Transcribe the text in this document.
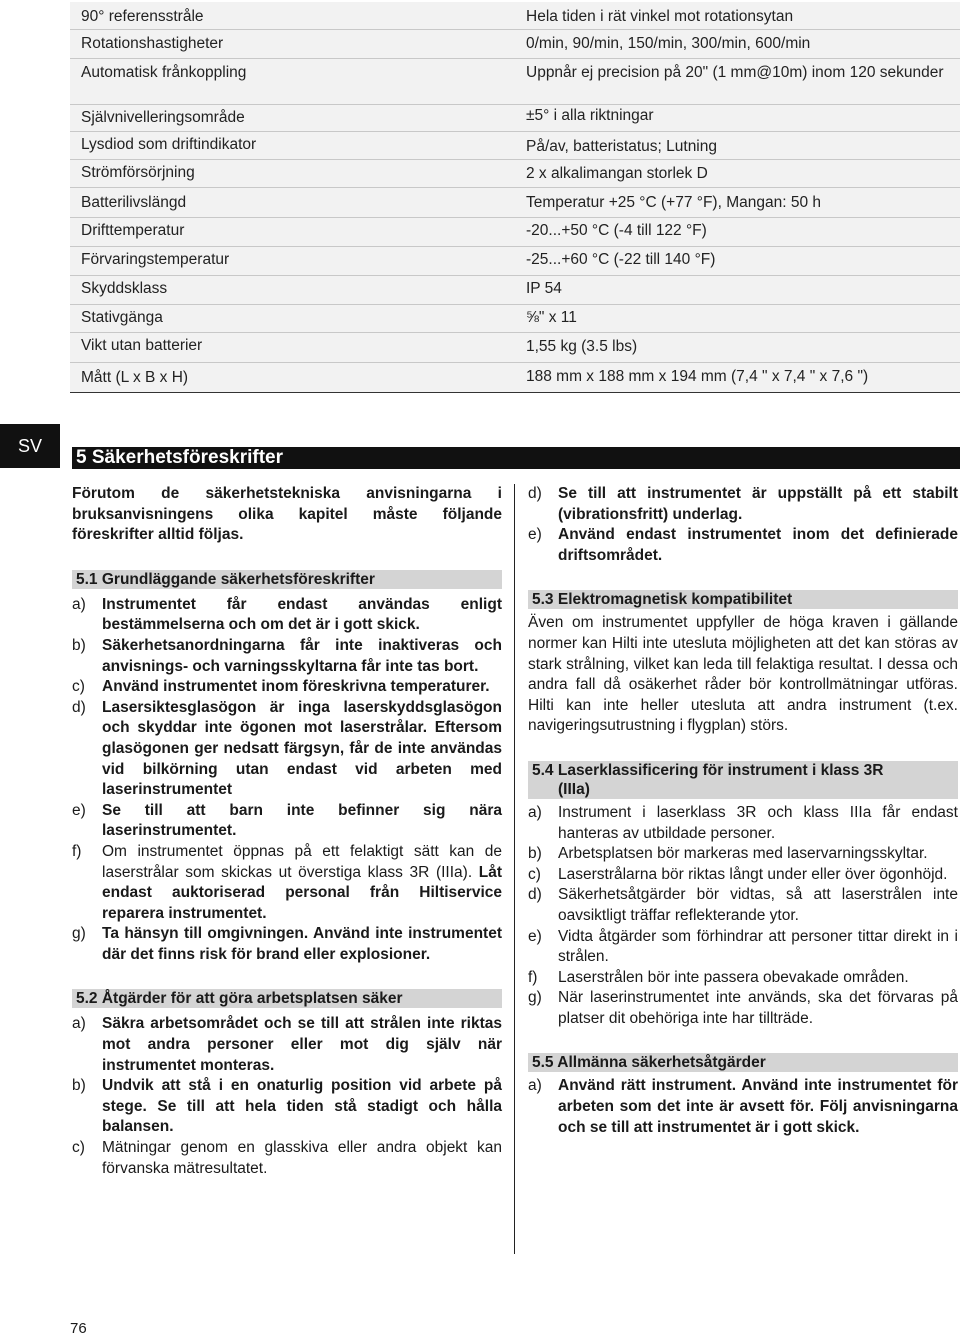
90° referensstråle	Hela tiden i rät vinkel mot rotationsytan
Rotationshastigheter	0/min, 90/min, 150/min, 300/min, 600/min
Automatisk frånkoppling	Uppnår ej precision på 20" (1 mm@10m) inom 120 sekunder
Självnivelleringsområde	±5° i alla riktningar
Lysdiod som driftindikator	På/av, batteristatus; Lutning
Strömförsörjning	2 x alkalimangan storlek D
Batterilivslängd	Temperatur +25 °C (+77 °F), Mangan: 50 h
Drifttemperatur	-20...+50 °C (-4 till 122 °F)
Förvaringstemperatur	-25...+60 °C (-22 till 140 °F)
Skyddsklass	IP 54
Stativgänga	⅝" x 11
Vikt utan batterier	1,55 kg (3.5 lbs)
Mått (L x B x H)	188 mm x 188 mm x 194 mm (7,4 " x 7,4 " x 7,6 ")
SV
5 Säkerhetsföreskrifter

Förutom de säkerhetstekniska anvisningarna i bruksanvisningens olika kapitel måste följande föreskrifter alltid följas.

5.1 Grundläggande säkerhetsföreskrifter

a)	Instrumentet får endast användas enligt bestämmelserna och om det är i gott skick.
b)	Säkerhetsanordningarna får inte inaktiveras och anvisnings- och varningsskyltarna får inte tas bort.
c)	Använd instrumentet inom föreskrivna temperaturer.
d)	Lasersiktesglasögon är inga laserskyddsglasögon och skyddar inte ögonen mot laserstrålar. Eftersom glasögonen ger nedsatt färgsyn, får de inte användas vid bilkörning utan endast vid arbeten med laserinstrumentet
e)	Se till att barn inte befinner sig nära laserinstrumentet.
f)	Om instrumentet öppnas på ett felaktigt sätt kan de laserstrålar som skickas ut överstiga klass 3R (IIIa). Låt endast auktoriserad personal från Hiltiservice reparera instrumentet.
g)	Ta hänsyn till omgivningen. Använd inte instrumentet där det finns risk för brand eller explosioner.

5.2 Åtgärder för att göra arbetsplatsen säker

a)	Säkra arbetsområdet och se till att strålen inte riktas mot andra personer eller mot dig själv när instrumentet monteras.
b)	Undvik att stå i en onaturlig position vid arbete på stege. Se till att hela tiden stå stadigt och hålla balansen.
c)	Mätningar genom en glasskiva eller andra objekt kan förvanska mätresultatet.
d)	Se till att instrumentet är uppställt på ett stabilt (vibrationsfritt) underlag.
e)	Använd endast instrumentet inom det definierade driftsområdet.

5.3 Elektromagnetisk kompatibilitet

Även om instrumentet uppfyller de höga kraven i gällande normer kan Hilti inte utesluta möjligheten att det kan störas av stark strålning, vilket kan leda till felaktiga resultat. I dessa och andra fall då osäkerhet råder bör kontrollmätningar utföras. Hilti kan inte heller utesluta att andra instrument (t.ex. navigeringsutrustning i flygplan) störs.

5.4 Laserklassificering för instrument i klass 3R
(IIIa)
a)	Instrument i laserklass 3R och klass IIIa får endast hanteras av utbildade personer.
b)	Arbetsplatsen bör markeras med laservarningsskyltar.
c)	Laserstrålarna bör riktas långt under eller över ögonhöjd.
d)	Säkerhetsåtgärder bör vidtas, så att laserstrålen inte oavsiktligt träffar reflekterande ytor.
e)	Vidta åtgärder som förhindrar att personer tittar direkt in i strålen.
f)	Laserstrålen bör inte passera obevakade områden.
g)	När laserinstrumentet inte används, ska det förvaras på platser dit obehöriga inte har tillträde.

5.5 Allmänna säkerhetsåtgärder

a)	Använd rätt instrument. Använd inte instrumentet för arbeten som det inte är avsett för. Följ anvisningarna och se till att instrumentet är i gott skick.
76
